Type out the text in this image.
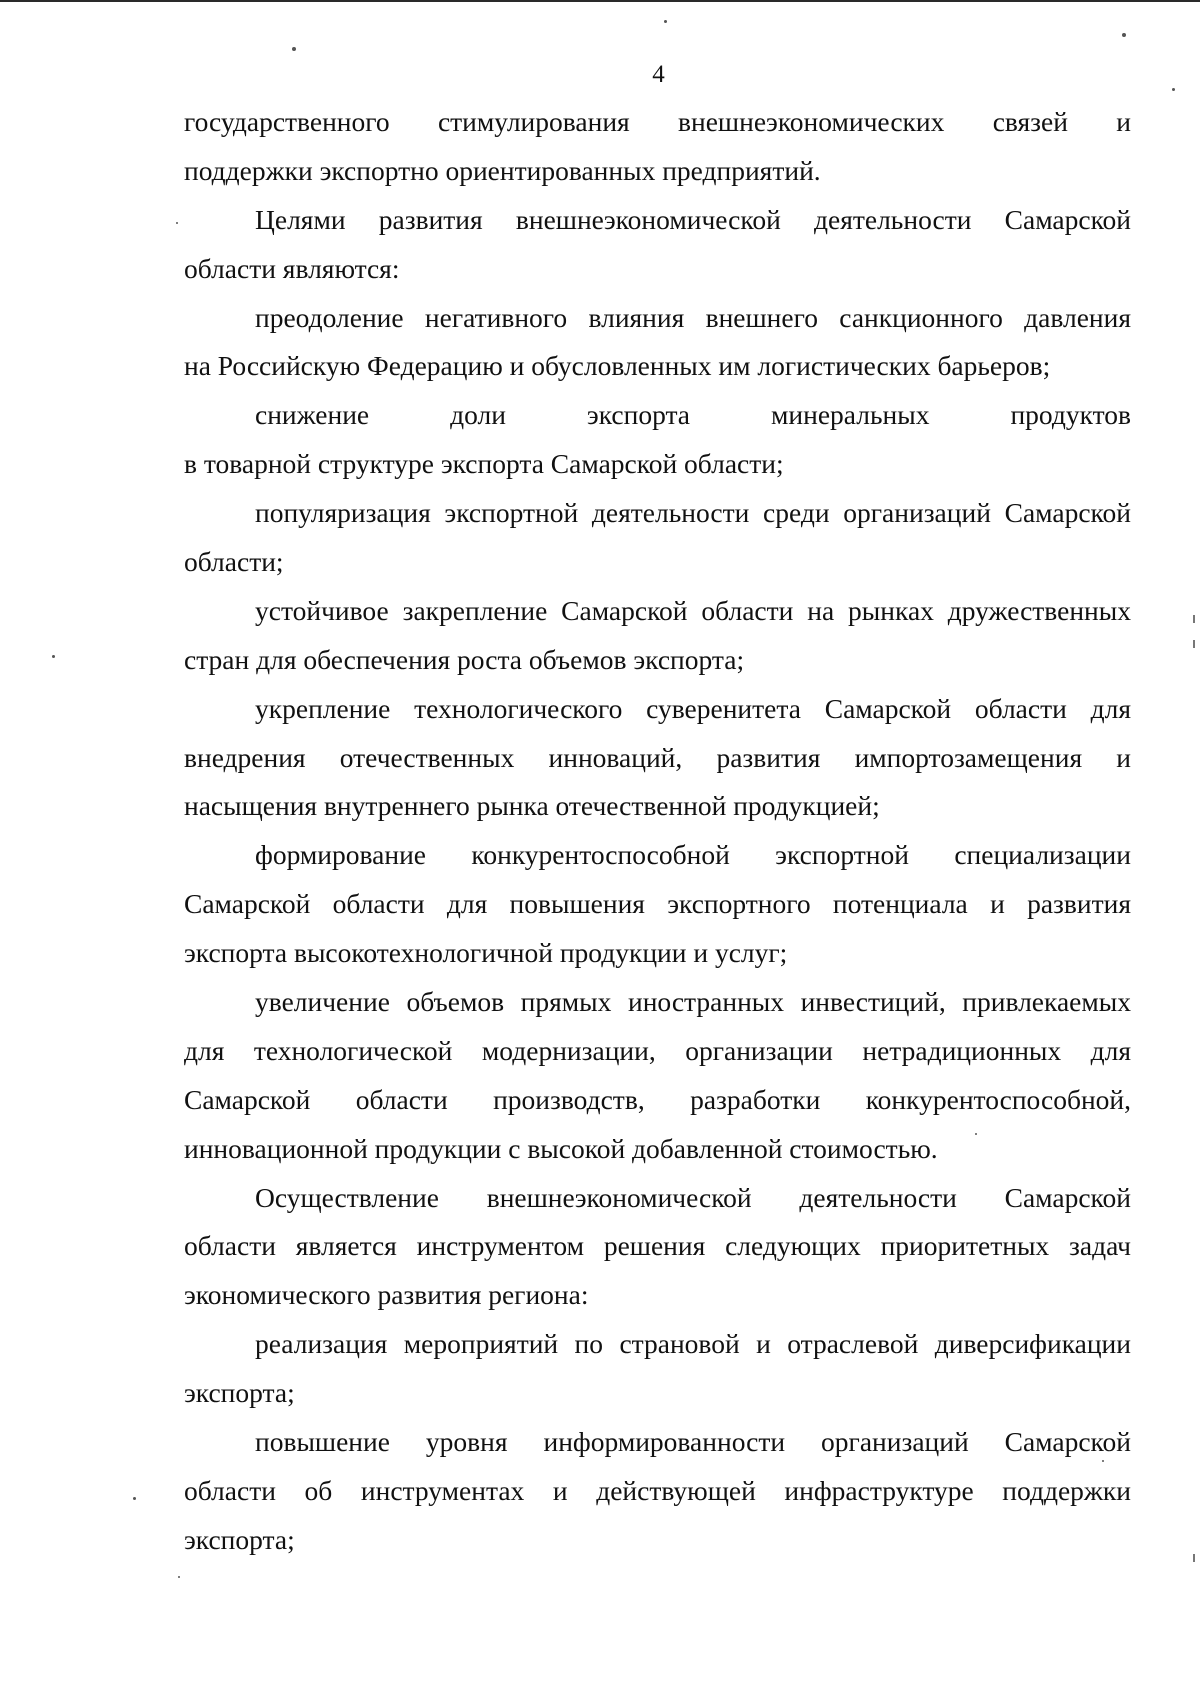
4
государственного стимулирования внешнеэкономических связей и
поддержки экспортно ориентированных предприятий.
Целями развития внешнеэкономической деятельности Самарской
области являются:
преодоление негативного влияния внешнего санкционного давления
на Российскую Федерацию и обусловленных им логистических барьеров;
снижение доли экспорта минеральных продуктов
в товарной структуре экспорта Самарской области;
популяризация экспортной деятельности среди организаций Самарской
области;
устойчивое закрепление Самарской области на рынках дружественных
стран для обеспечения роста объемов экспорта;
укрепление технологического суверенитета Самарской области для
внедрения отечественных инноваций, развития импортозамещения и
насыщения внутреннего рынка отечественной продукцией;
формирование конкурентоспособной экспортной специализации
Самарской области для повышения экспортного потенциала и развития
экспорта высокотехнологичной продукции и услуг;
увеличение объемов прямых иностранных инвестиций, привлекаемых
для технологической модернизации, организации нетрадиционных для
Самарской области производств, разработки конкурентоспособной,
инновационной продукции с высокой добавленной стоимостью.
Осуществление внешнеэкономической деятельности Самарской
области является инструментом решения следующих приоритетных задач
экономического развития региона:
реализация мероприятий по страновой и отраслевой диверсификации
экспорта;
повышение уровня информированности организаций Самарской
области об инструментах и действующей инфраструктуре поддержки
экспорта;
